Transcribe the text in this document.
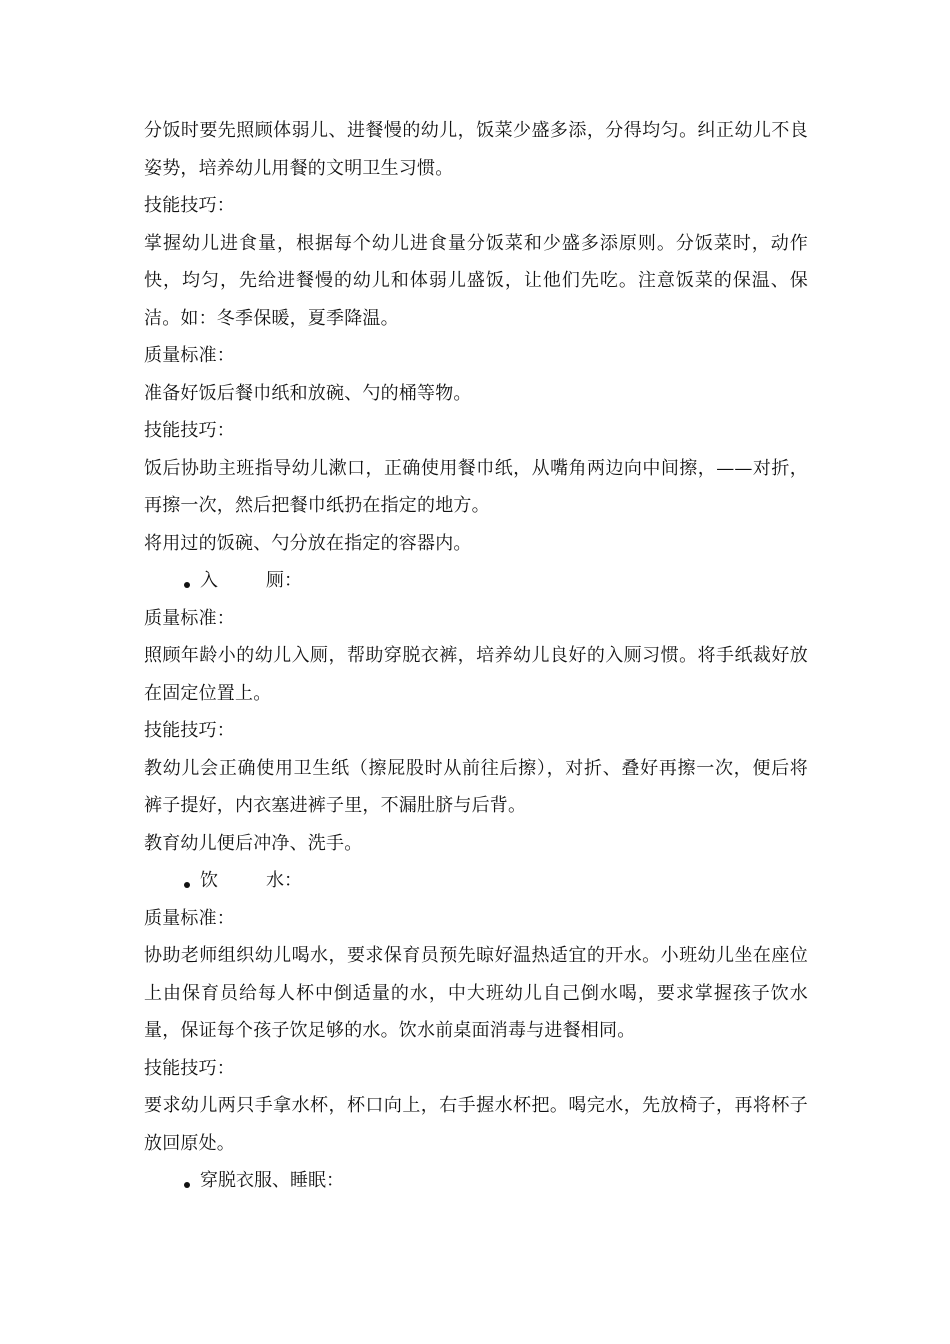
分饭时要先照顾体弱儿、进餐慢的幼儿，饭菜少盛多添，分得均匀。纠正幼儿不良姿势，培养幼儿用餐的文明卫生习惯。

技能技巧：

掌握幼儿进食量，根据每个幼儿进食量分饭菜和少盛多添原则。分饭菜时，动作快，均匀，先给进餐慢的幼儿和体弱儿盛饭，让他们先吃。注意饭菜的保温、保洁。如：冬季保暖，夏季降温。

质量标准：

准备好饭后餐巾纸和放碗、勺的桶等物。

技能技巧：

饭后协助主班指导幼儿漱口，正确使用餐巾纸，从嘴角两边向中间擦，——对折，再擦一次，然后把餐巾纸扔在指定的地方。

将用过的饭碗、勺分放在指定的容器内。

入	厕：

质量标准：

照顾年龄小的幼儿入厕，帮助穿脱衣裤，培养幼儿良好的入厕习惯。将手纸裁好放在固定位置上。

技能技巧：

教幼儿会正确使用卫生纸（擦屁股时从前往后擦），对折、叠好再擦一次，便后将裤子提好，内衣塞进裤子里，不漏肚脐与后背。

教育幼儿便后冲净、洗手。

饮	水：

质量标准：

协助老师组织幼儿喝水，要求保育员预先晾好温热适宜的开水。小班幼儿坐在座位上由保育员给每人杯中倒适量的水，中大班幼儿自己倒水喝，要求掌握孩子饮水量，保证每个孩子饮足够的水。饮水前桌面消毒与进餐相同。

技能技巧：

要求幼儿两只手拿水杯，杯口向上，右手握水杯把。喝完水，先放椅子，再将杯子放回原处。

穿脱衣服、睡眠：
